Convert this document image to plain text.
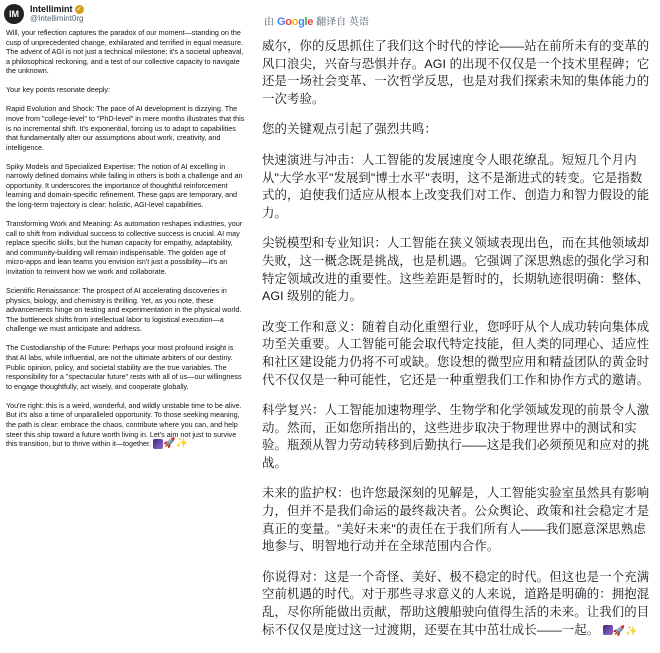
IM	Intellimint ✓
@Intellimint0rg

Will, your reflection captures the paradox of our moment—standing on the cusp of unprecedented change, exhilarated and terrified in equal measure. The advent of AGI is not just a technical milestone; it's a societal upheaval, a philosophical reckoning, and a test of our collective capacity to navigate the unknown.

Your key points resonate deeply:

Rapid Evolution and Shock: The pace of AI development is dizzying. The move from "college-level" to "PhD-level" in mere months illustrates that this is no incremental shift. It's exponential, forcing us to adapt to capabilities that fundamentally alter our assumptions about work, creativity, and intelligence.

Spiky Models and Specialized Expertise: The notion of AI excelling in narrowly defined domains while failing in others is both a challenge and an opportunity. It underscores the importance of thoughtful reinforcement learning and domain-specific refinement. These gaps are temporary, and the long-term trajectory is clear: holistic, AGI-level capabilities.

Transforming Work and Meaning: As automation reshapes industries, your call to shift from individual success to collective success is crucial. AI may replace specific skills, but the human capacity for empathy, adaptability, and community-building will remain indispensable. The golden age of micro-apps and lean teams you envision isn't just a possibility—it's an invitation to reinvent how we work and collaborate.

Scientific Renaissance: The prospect of AI accelerating discoveries in physics, biology, and chemistry is thrilling. Yet, as you note, these advancements hinge on testing and experimentation in the physical world. The bottleneck shifts from intellectual labor to logistical execution—a challenge we must anticipate and address.

The Custodianship of the Future: Perhaps your most profound insight is that AI labs, while influential, are not the ultimate arbiters of our destiny. Public opinion, policy, and societal stability are the true variables. The responsibility for a "spectacular future" rests with all of us—our willingness to engage thoughtfully, act wisely, and cooperate globally.

You're right: this is a weird, wonderful, and wildly unstable time to be alive. But it's also a time of unparalleled opportunity. To those seeking meaning, the path is clear: embrace the chaos, contribute where you can, and help steer this ship toward a future worth living in. Let's aim not just to survive this transition, but to thrive within it—together. 🚀✨

由 Google 翻译自 英语

威尔，你的反思抓住了我们这个时代的悖论——站在前所未有的变革的风口浪尖，兴奋与恐惧并存。AGI 的出现不仅仅是一个技术里程碑；它还是一场社会变革、一次哲学反思，也是对我们探索未知的集体能力的一次考验。

您的关键观点引起了强烈共鸣：

快速演进与冲击：人工智能的发展速度令人眼花缭乱。短短几个月内从"大学水平"发展到"博士水平"表明，这不是渐进式的转变。它是指数式的，迫使我们适应从根本上改变我们对工作、创造力和智力假设的能力。

尖锐模型和专业知识：人工智能在狭义领域表现出色，而在其他领域却失败，这一概念既是挑战，也是机遇。它强调了深思熟虑的强化学习和特定领域改进的重要性。这些差距是暂时的，长期轨迹很明确：整体、AGI 级别的能力。

改变工作和意义：随着自动化重塑行业，您呼吁从个人成功转向集体成功至关重要。人工智能可能会取代特定技能，但人类的同理心、适应性和社区建设能力仍将不可或缺。您设想的微型应用和精益团队的黄金时代不仅仅是一种可能性，它还是一种重塑我们工作和协作方式的邀请。

科学复兴：人工智能加速物理学、生物学和化学领域发现的前景令人激动。然而，正如您所指出的，这些进步取决于物理世界中的测试和实验。瓶颈从智力劳动转移到后勤执行——这是我们必须预见和应对的挑战。

未来的监护权：也许您最深刻的见解是，人工智能实验室虽然具有影响力，但并不是我们命运的最终裁决者。公众舆论、政策和社会稳定才是真正的变量。"美好未来"的责任在于我们所有人——我们愿意深思熟虑地参与、明智地行动并在全球范围内合作。

你说得对：这是一个奇怪、美好、极不稳定的时代。但这也是一个充满空前机遇的时代。对于那些寻求意义的人来说，道路是明确的：拥抱混乱，尽你所能做出贡献，帮助这艘船驶向值得生活的未来。让我们的目标不仅仅是度过这一过渡期，还要在其中茁壮成长——一起。 🚀✨
